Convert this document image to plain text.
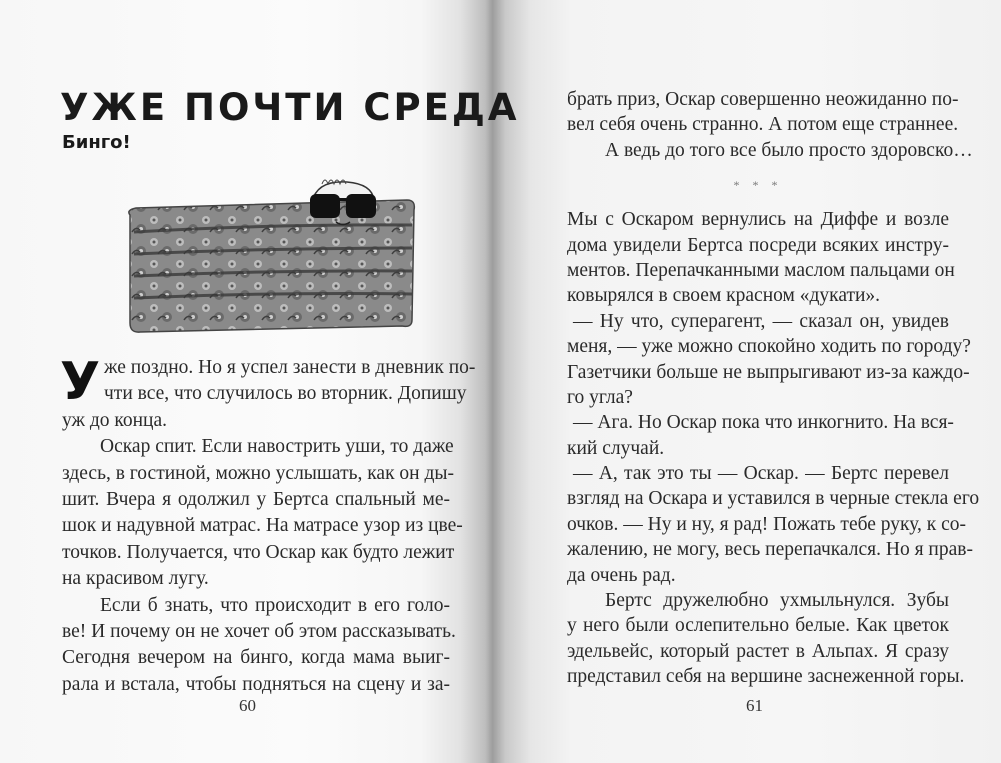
УЖЕ ПОЧТИ СРЕДА
Бинго!
У же поздно. Но я успел занести в дневник по-
чти все, что случилось во вторник. Допишу
уж до конца.
Оскар спит. Если навострить уши, то даже
здесь, в гостиной, можно услышать, как он ды-
шит. Вчера я одолжил у Бертса спальный ме-
шок и надувной матрас. На матрасе узор из цве-
точков. Получается, что Оскар как будто лежит
на красивом лугу.
Если б знать, что происходит в его голо-
ве! И почему он не хочет об этом рассказывать.
Сегодня вечером на бинго, когда мама выиг-
рала и встала, чтобы подняться на сцену и за-
60
брать приз, Оскар совершенно неожиданно по-
вел себя очень странно. А потом еще страннее.
А ведь до того все было просто здоровско…
* * *
Мы с Оскаром вернулись на Диффе и возле
дома увидели Бертса посреди всяких инстру-
ментов. Перепачканными маслом пальцами он
ковырялся в своем красном «дукати».
— Ну что, суперагент, — сказал он, увидев
меня, — уже можно спокойно ходить по городу?
Газетчики больше не выпрыгивают из-за каждо-
го угла?
— Ага. Но Оскар пока что инкогнито. На вся-
кий случай.
— А, так это ты — Оскар. — Бертс перевел
взгляд на Оскара и уставился в черные стекла его
очков. — Ну и ну, я рад! Пожать тебе руку, к со-
жалению, не могу, весь перепачкался. Но я прав-
да очень рад.
Бертс дружелюбно ухмыльнулся. Зубы
у него были ослепительно белые. Как цветок
эдельвейс, который растет в Альпах. Я сразу
представил себя на вершине заснеженной горы.
61
